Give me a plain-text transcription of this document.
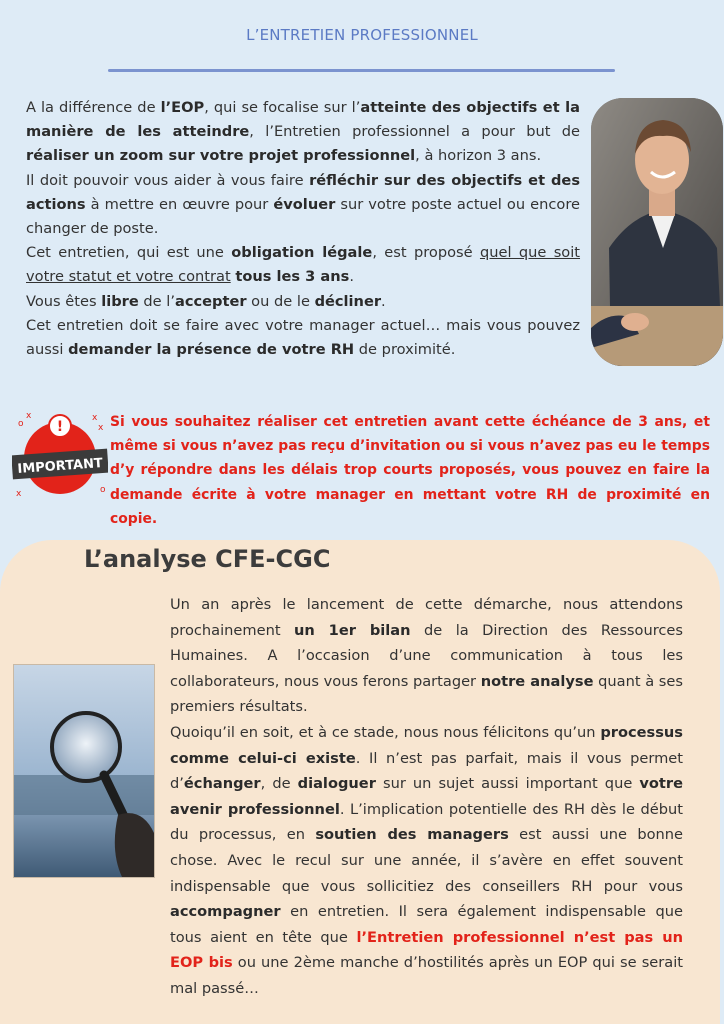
L’ENTRETIEN PROFESSIONNEL

A la différence de l’EOP, qui se focalise sur l’atteinte des objectifs et la manière de les atteindre, l’Entretien professionnel a pour but de réaliser un zoom sur votre projet professionnel, à horizon 3 ans.

Il doit pouvoir vous aider à vous faire réfléchir sur des objectifs et des actions à mettre en œuvre pour évoluer sur votre poste actuel ou encore changer de poste.

Cet entretien, qui est une obligation légale, est proposé quel que soit votre statut et votre contrat tous les 3 ans.

Vous êtes libre de l’accepter ou de le décliner.

Cet entretien doit se faire avec votre manager actuel… mais vous pouvez aussi demander la présence de votre RH de proximité.

o	x
x	o
x
x
!
IMPORTANT
Si vous souhaitez réaliser cet entretien avant cette échéance de 3 ans, et même si vous n’avez pas reçu d’invitation ou si vous n’avez pas eu le temps d’y répondre dans les délais trop courts proposés, vous pouvez en faire la demande écrite à votre manager en mettant votre RH de proximité en copie.
L’analyse CFE-CGC

Un an après le lancement de cette démarche, nous attendons prochainement un 1er bilan de la Direction des Ressources Humaines. A l’occasion d’une communication à tous les collaborateurs, nous vous ferons partager notre analyse quant à ses premiers résultats.

Quoiqu’il en soit, et à ce stade, nous nous félicitons qu’un processus comme celui-ci existe. Il n’est pas parfait, mais il vous permet d’échanger, de dialoguer sur un sujet aussi important que votre avenir professionnel. L’implication potentielle des RH dès le début du processus, en soutien des managers est aussi une bonne chose. Avec le recul sur une année, il s’avère en effet souvent indispensable que vous sollicitiez des conseillers RH pour vous accompagner en entretien. Il sera également indispensable que tous aient en tête que l’Entretien professionnel n’est pas un EOP bis ou une 2ème manche d’hostilités après un EOP qui se serait mal passé…
